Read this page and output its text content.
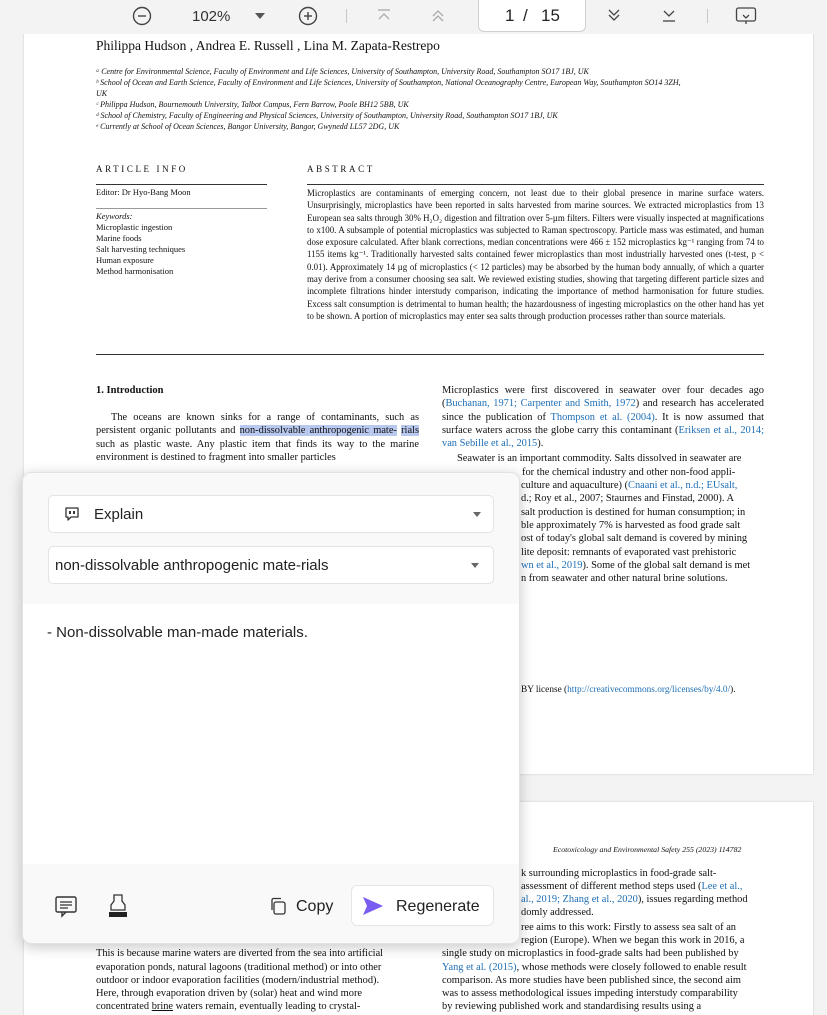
102%	1 / 15
Philippa Hudson , Andrea E. Russell , Lina M. Zapata-Restrepo
ᵃ Centre for Environmental Science, Faculty of Environment and Life Sciences, University of Southampton, University Road, Southampton SO17 1BJ, UK
ᵇ School of Ocean and Earth Science, Faculty of Environment and Life Sciences, University of Southampton, National Oceanography Centre, European Way, Southampton SO14 3ZH,
UK
ᶜ Philippa Hudson, Bournemouth University, Talbot Campus, Fern Barrow, Poole BH12 5BB, UK
ᵈ School of Chemistry, Faculty of Engineering and Physical Sciences, University of Southampton, University Road, Southampton SO17 1BJ, UK
ᵉ Currently at School of Ocean Sciences, Bangor University, Bangor, Gwynedd LL57 2DG, UK
ARTICLE INFO	ABSTRACT
Editor: Dr Hyo-Bang Moon
Keywords:
Microplastic ingestion
Marine foods
Salt harvesting techniques
Human exposure
Method harmonisation
Microplastics are contaminants of emerging concern, not least due to their global presence in marine surface waters. Unsurprisingly, microplastics have been reported in salts harvested from marine sources. We extracted microplastics from 13 European sea salts through 30% H₂O₂ digestion and filtration over 5-µm filters. Filters were visually inspected at magnifications to x100. A subsample of potential microplastics was subjected to Raman spectroscopy. Particle mass was estimated, and human dose exposure calculated. After blank corrections, median concentrations were 466 ± 152 microplastics kg⁻¹ ranging from 74 to 1155 items kg⁻¹. Traditionally harvested salts contained fewer microplastics than most industrially harvested ones (t-test, p < 0.01). Approximately 14 µg of microplastics (< 12 particles) may be absorbed by the human body annually, of which a quarter may derive from a consumer choosing sea salt. We reviewed existing studies, showing that targeting different particle sizes and incomplete filtrations hinder interstudy comparison, indicating the importance of method harmonisation for future studies. Excess salt consumption is detrimental to human health; the hazardousness of ingesting microplastics on the other hand has yet to be shown. A portion of microplastics may enter sea salts through production processes rather than source materials.
1. Introduction
The oceans are known sinks for a range of contaminants, such as persistent organic pollutants and non-dissolvable anthropogenic mate- rials such as plastic waste. Any plastic item that finds its way to the marine environment is destined to fragment into smaller particles
Microplastics were first discovered in seawater over four decades ago (Buchanan, 1971; Carpenter and Smith, 1972) and research has accelerated since the publication of Thompson et al. (2004). It is now assumed that surface waters across the globe carry this contaminant (Eriksen et al., 2014; van Sebille et al., 2015).
Seawater is an important commodity. Salts dissolved in seawater are
for the chemical industry and other non-food appli-
culture and aquaculture) (Cnaani et al., n.d.; EUsalt,
d.; Roy et al., 2007; Staurnes and Finstad, 2000). A
salt production is destined for human consumption; in
ble approximately 7% is harvested as food grade salt
ost of today's global salt demand is covered by mining
lite deposit: remnants of evaporated vast prehistoric
wn et al., 2019). Some of the global salt demand is met
n from seawater and other natural brine solutions.
BY license (http://creativecommons.org/licenses/by/4.0/).
Ecotoxicology and Environmental Safety 255 (2023) 114782
k surrounding microplastics in food-grade salt-
assessment of different method steps used (Lee et al.,
al., 2019; Zhang et al., 2020), issues regarding method
domly addressed.
ree aims to this work: Firstly to assess sea salt of an
region (Europe). When we began this work in 2016, a
single study on microplastics in food-grade salts had been published by
Yang et al. (2015), whose methods were closely followed to enable result
comparison. As more studies have been published since, the second aim
was to assess methodological issues impeding interstudy comparability
by reviewing published work and standardising results using a
This is because marine waters are diverted from the sea into artificial
evaporation ponds, natural lagoons (traditional method) or into other
outdoor or indoor evaporation facilities (modern/industrial method).
Here, through evaporation driven by (solar) heat and wind more
concentrated brine waters remain, eventually leading to crystal-
Explain
non-dissolvable anthropogenic mate-rials
- Non-dissolvable man-made materials.
Copy	Regenerate
